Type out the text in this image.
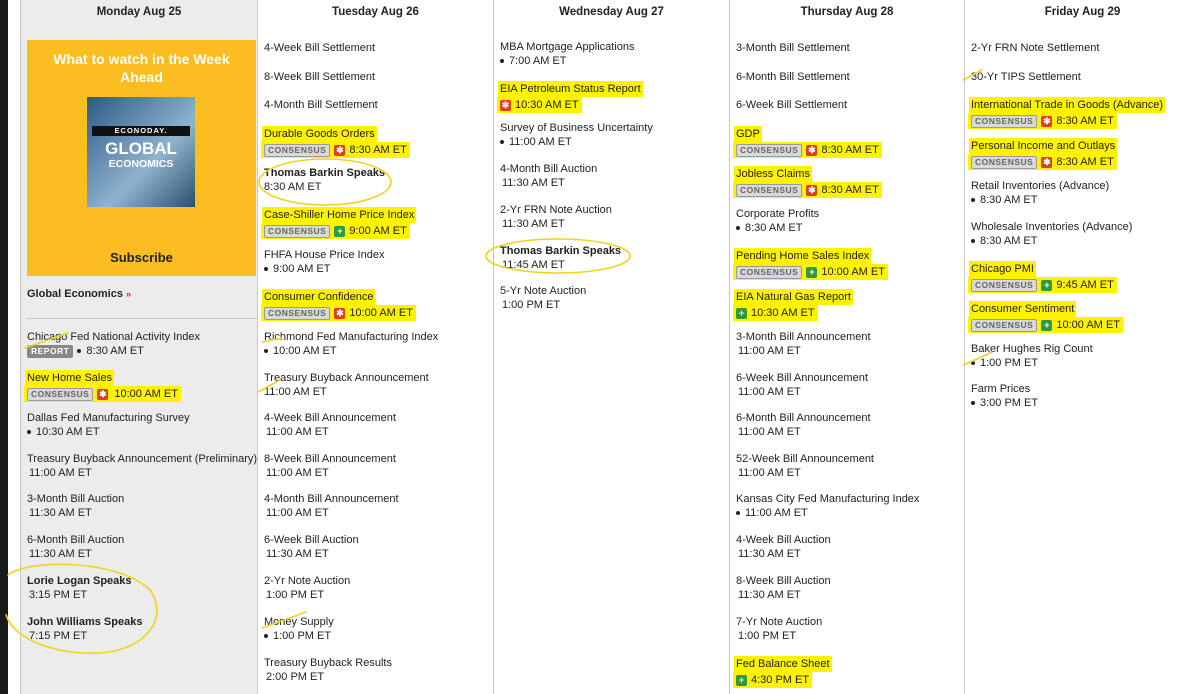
Monday Aug 25
What to watch in the Week
Ahead
ECONODAY.
GLOBAL
ECONOMICS
Subscribe
Global Economics »
Chicago Fed National Activity Index
REPORT	8:30 AM ET
New Home Sales
CONSENSUS	✱ 10:00 AM ET
Dallas Fed Manufacturing Survey
10:30 AM ET
Treasury Buyback Announcement (Preliminary)
11:00 AM ET
3-Month Bill Auction
11:30 AM ET
6-Month Bill Auction
11:30 AM ET
Lorie Logan Speaks
3:15 PM ET
John Williams Speaks
7:15 PM ET
Tuesday Aug 26
4-Week Bill Settlement
8-Week Bill Settlement
4-Month Bill Settlement
Durable Goods Orders
CONSENSUS	✱ 8:30 AM ET
Thomas Barkin Speaks
8:30 AM ET
Case-Shiller Home Price Index
CONSENSUS	+ 9:00 AM ET
FHFA House Price Index
9:00 AM ET
Consumer Confidence
CONSENSUS	✱ 10:00 AM ET
Richmond Fed Manufacturing Index
10:00 AM ET
Treasury Buyback Announcement
11:00 AM ET
4-Week Bill Announcement
11:00 AM ET
8-Week Bill Announcement
11:00 AM ET
4-Month Bill Announcement
11:00 AM ET
6-Week Bill Auction
11:30 AM ET
2-Yr Note Auction
1:00 PM ET
Money Supply
1:00 PM ET
Treasury Buyback Results
2:00 PM ET
Wednesday Aug 27
MBA Mortgage Applications
7:00 AM ET
EIA Petroleum Status Report
✱ 10:30 AM ET
Survey of Business Uncertainty
11:00 AM ET
4-Month Bill Auction
11:30 AM ET
2-Yr FRN Note Auction
11:30 AM ET
Thomas Barkin Speaks
11:45 AM ET
5-Yr Note Auction
1:00 PM ET
Thursday Aug 28
3-Month Bill Settlement
6-Month Bill Settlement
6-Week Bill Settlement
GDP
CONSENSUS	✱ 8:30 AM ET
Jobless Claims
CONSENSUS	✱ 8:30 AM ET
Corporate Profits
8:30 AM ET
Pending Home Sales Index
CONSENSUS	+ 10:00 AM ET
EIA Natural Gas Report
+ 10:30 AM ET
3-Month Bill Announcement
11:00 AM ET
6-Week Bill Announcement
11:00 AM ET
6-Month Bill Announcement
11:00 AM ET
52-Week Bill Announcement
11:00 AM ET
Kansas City Fed Manufacturing Index
11:00 AM ET
4-Week Bill Auction
11:30 AM ET
8-Week Bill Auction
11:30 AM ET
7-Yr Note Auction
1:00 PM ET
Fed Balance Sheet
+ 4:30 PM ET
Friday Aug 29
2-Yr FRN Note Settlement
30-Yr TIPS Settlement
International Trade in Goods (Advance)
CONSENSUS	✱ 8:30 AM ET
Personal Income and Outlays
CONSENSUS	✱ 8:30 AM ET
Retail Inventories (Advance)
8:30 AM ET
Wholesale Inventories (Advance)
8:30 AM ET
Chicago PMI
CONSENSUS	+ 9:45 AM ET
Consumer Sentiment
CONSENSUS	+ 10:00 AM ET
Baker Hughes Rig Count
1:00 PM ET
Farm Prices
3:00 PM ET
